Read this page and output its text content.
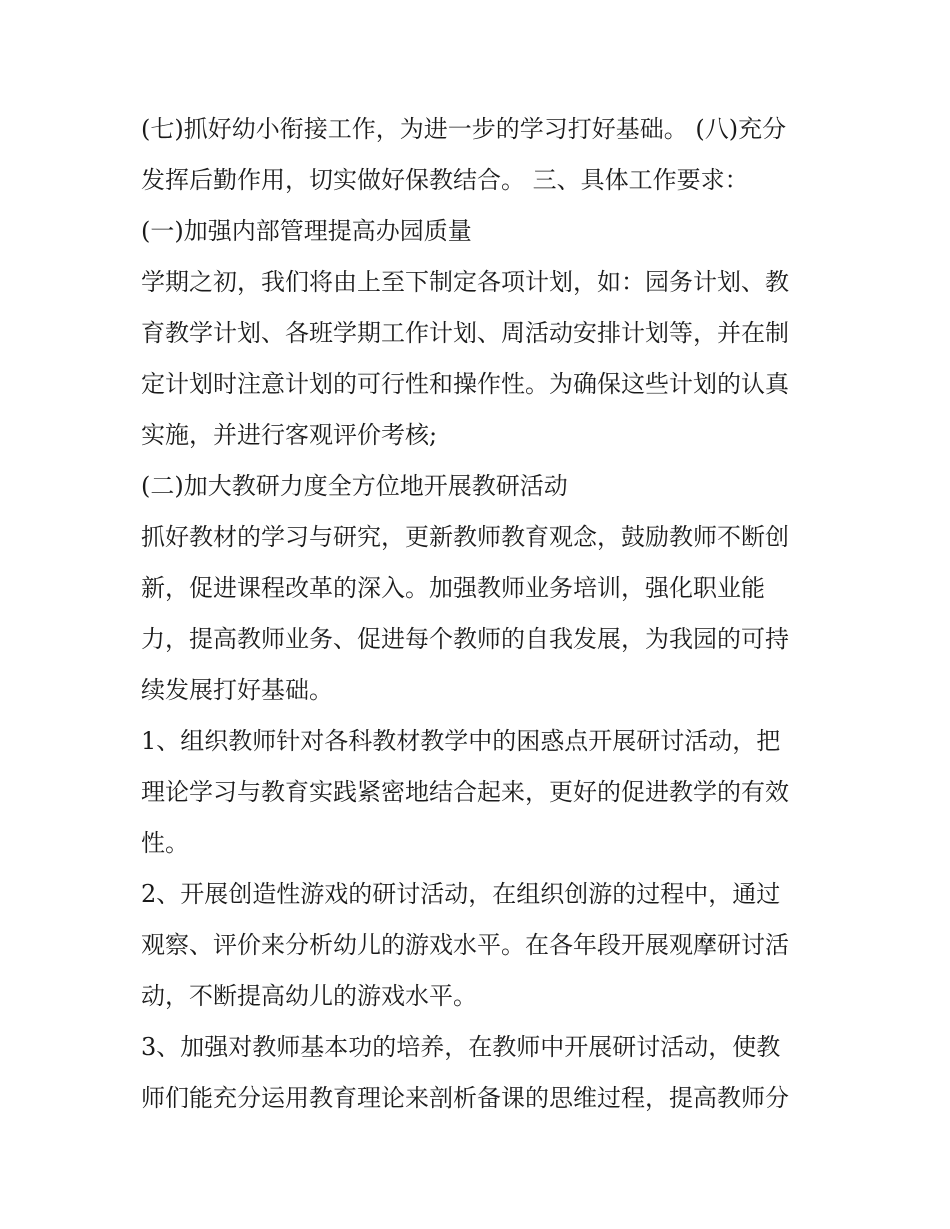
(七)抓好幼小衔接工作，为进一步的学习打好基础。 (八)充分
发挥后勤作用，切实做好保教结合。 三、具体工作要求：
(一)加强内部管理提高办园质量
学期之初，我们将由上至下制定各项计划，如：园务计划、教
育教学计划、各班学期工作计划、周活动安排计划等，并在制
定计划时注意计划的可行性和操作性。为确保这些计划的认真
实施，并进行客观评价考核;
(二)加大教研力度全方位地开展教研活动
抓好教材的学习与研究，更新教师教育观念，鼓励教师不断创
新，促进课程改革的深入。加强教师业务培训，强化职业能
力，提高教师业务、促进每个教师的自我发展，为我园的可持
续发展打好基础。
1、组织教师针对各科教材教学中的困惑点开展研讨活动，把
理论学习与教育实践紧密地结合起来，更好的促进教学的有效
性。
2、开展创造性游戏的研讨活动，在组织创游的过程中，通过
观察、评价来分析幼儿的游戏水平。在各年段开展观摩研讨活
动，不断提高幼儿的游戏水平。
3、加强对教师基本功的培养，在教师中开展研讨活动，使教
师们能充分运用教育理论来剖析备课的思维过程，提高教师分
